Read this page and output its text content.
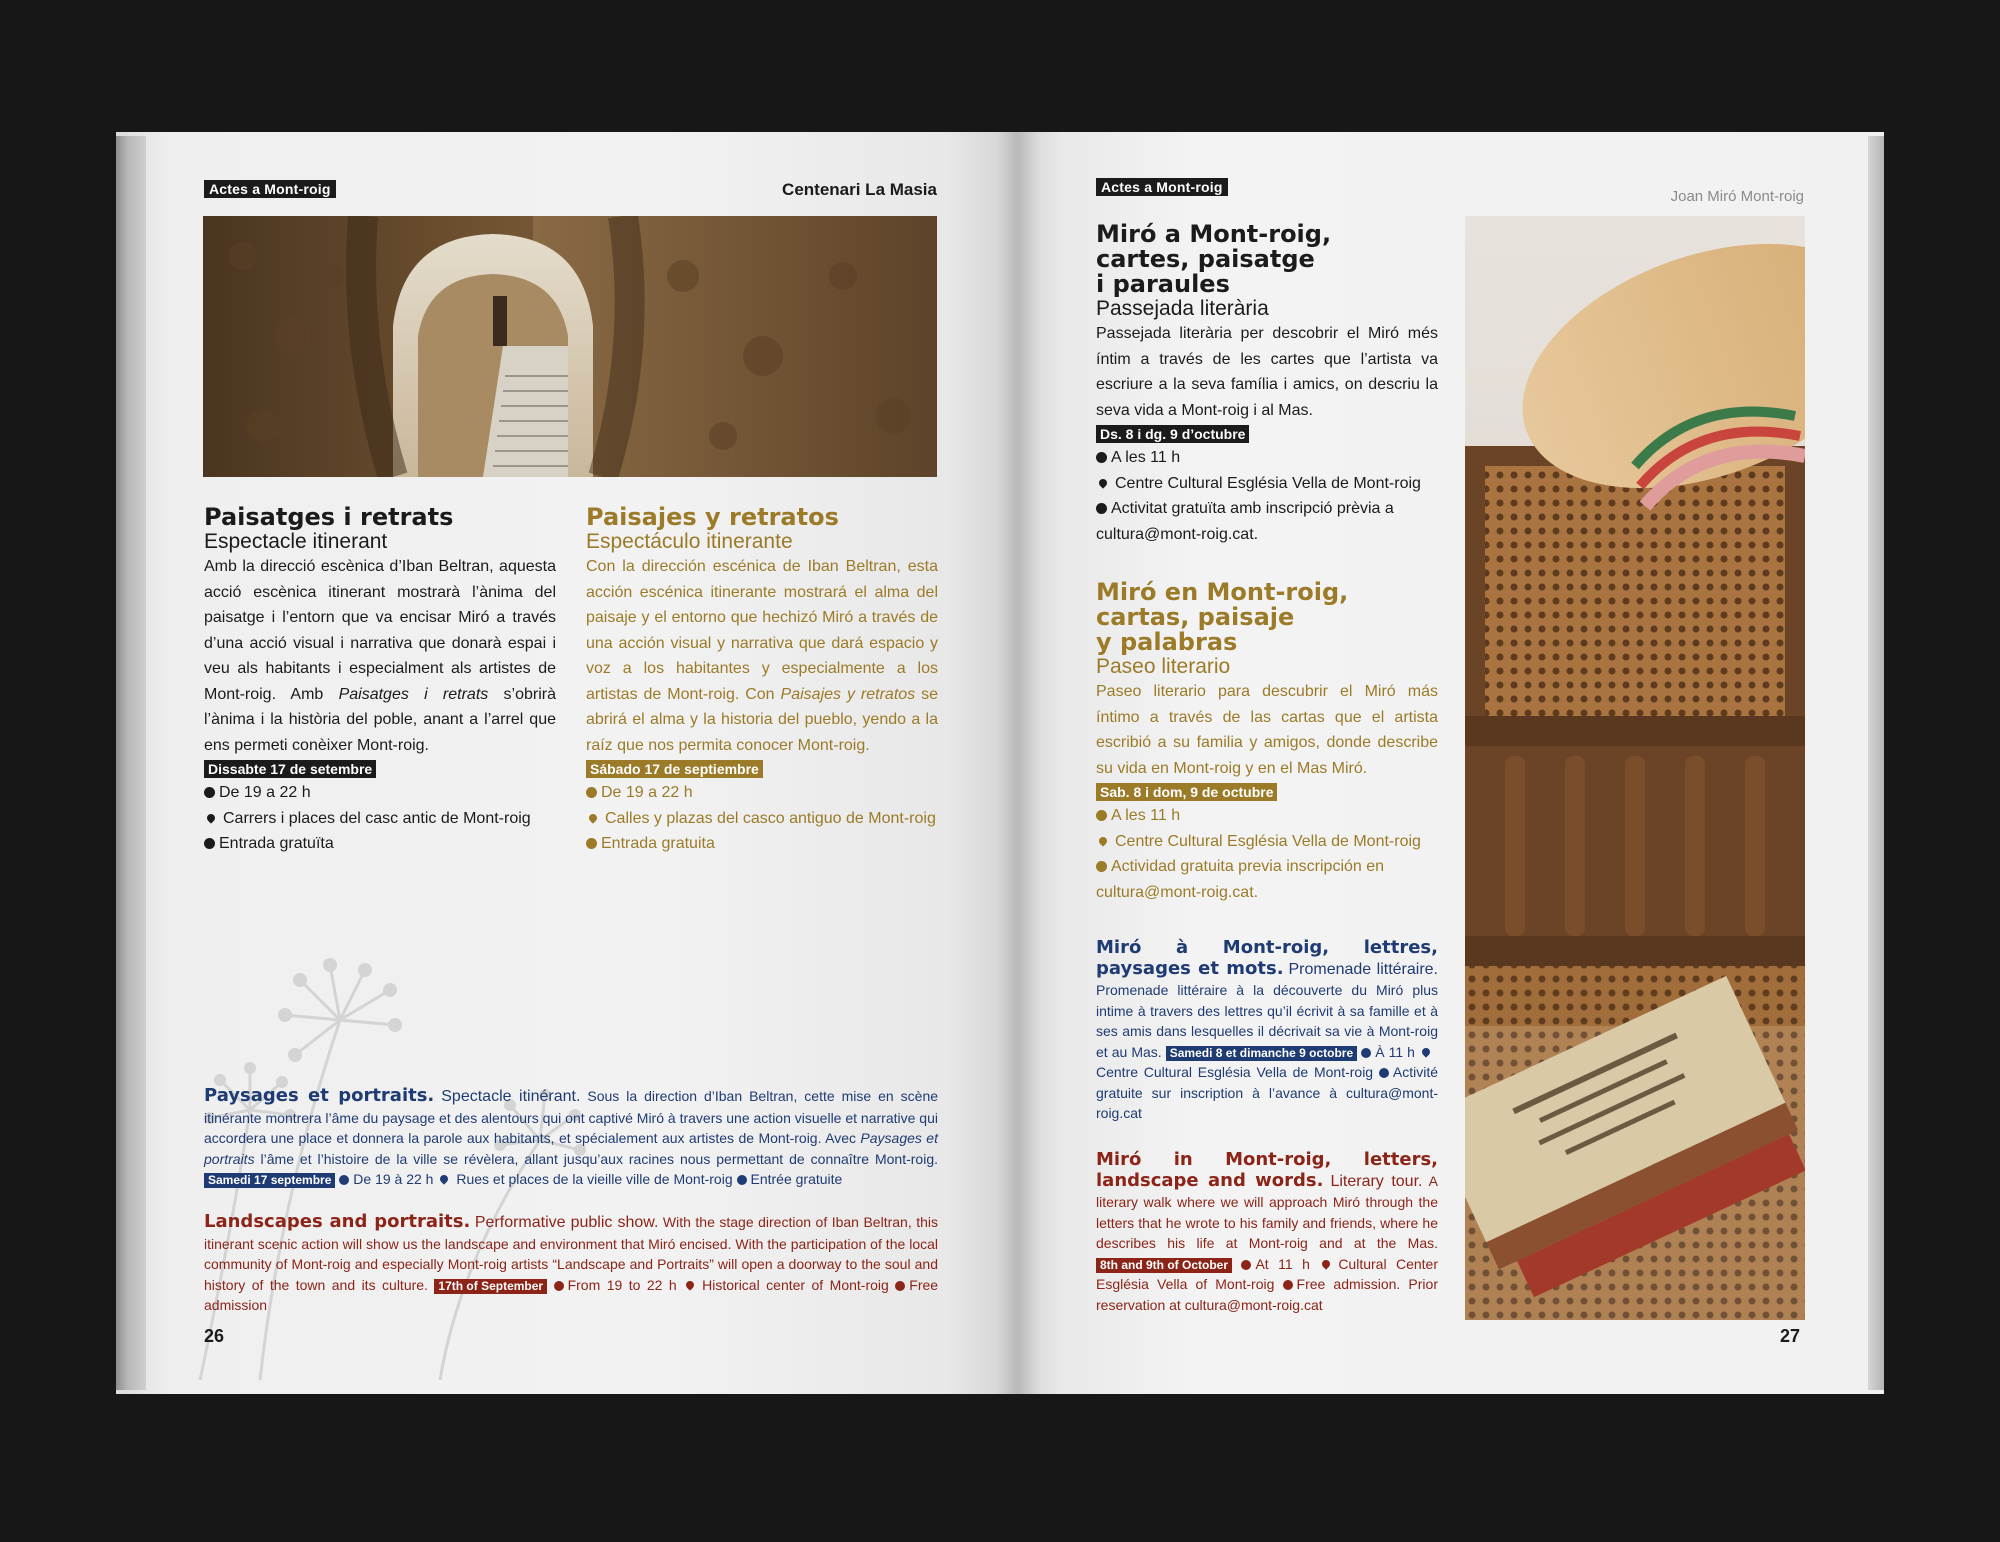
Actes a Mont-roig	Centenari La Masia
Paisatges i retrats
Espectacle itinerant

Amb la direcció escènica d’Iban Beltran, aquesta acció escènica itinerant mostrarà l’ànima del paisatge i l’entorn que va encisar Miró a través d’una acció visual i narrativa que donarà espai i veu als habitants i especialment als artistes de Mont-roig. Amb Paisatges i retrats s’obrirà l’ànima i la història del poble, anant a l’arrel que ens permeti conèixer Mont-roig.

Dissabte 17 de setembre
De 19 a 22 h
Carrers i places del casc antic de Mont-roig
Entrada gratuïta
Paisajes y retratos
Espectáculo itinerante

Con la dirección escénica de Iban Beltran, esta acción escénica itinerante mostrará el alma del paisaje y el entorno que hechizó Miró a través de una acción visual y narrativa que dará espacio y voz a los habitantes y especialmente a los artistas de Mont-roig. Con Paisajes y retratos se abrirá el alma y la historia del pueblo, yendo a la raíz que nos permita conocer Mont-roig.

Sábado 17 de septiembre
De 19 a 22 h
Calles y plazas del casco antiguo de Mont-roig
Entrada gratuita
Paysages et portraits. Spectacle itinérant. Sous la direction d’Iban Beltran, cette mise en scène itinérante montrera l’âme du paysage et des alentours qui ont captivé Miró à travers une action visuelle et narrative qui accordera une place et donnera la parole aux habitants, et spécialement aux artistes de Mont-roig. Avec Paysages et portraits l’âme et l’histoire de la ville se révèlera, allant jusqu’aux racines nous permettant de connaître Mont-roig. Samedi 17 septembre De 19 à 22 h Rues et places de la vieille ville de Mont-roig Entrée gratuite
Landscapes and portraits. Performative public show. With the stage direction of Iban Beltran, this itinerant scenic action will show us the landscape and environment that Miró encised. With the participation of the local community of Mont-roig and especially Mont-roig artists “Landscape and Portraits” will open a doorway to the soul and history of the town and its culture. 17th of September From 19 to 22 h Historical center of Mont-roig Free admission
26
Actes a Mont-roig
Joan Miró Mont-roig
Miró a Mont-roig,
cartes, paisatge
i paraules
Passejada literària

Passejada literària per descobrir el Miró més íntim a través de les cartes que l’artista va escriure a la seva família i amics, on descriu la seva vida a Mont-roig i al Mas.

Ds. 8 i dg. 9 d’octubre
A les 11 h
Centre Cultural Església Vella de Mont-roig
Activitat gratuïta amb inscripció prèvia a cultura@mont-roig.cat.
Miró en Mont-roig,
cartas, paisaje
y palabras
Paseo literario

Paseo literario para descubrir el Miró más íntimo a través de las cartas que el artista escribió a su familia y amigos, donde describe su vida en Mont-roig y en el Mas Miró.

Sab. 8 i dom, 9 de octubre
A les 11 h
Centre Cultural Església Vella de Mont-roig
Actividad gratuita previa inscripción en cultura@mont-roig.cat.
Miró à Mont-roig, lettres, paysages et mots. Promenade littéraire. Promenade littéraire à la découverte du Miró plus intime à travers des lettres qu’il écrivit à sa famille et à ses amis dans lesquelles il décrivait sa vie à Mont-roig et au Mas. Samedi 8 et dimanche 9 octobre À 11 h Centre Cultural Església Vella de Mont-roig Activité gratuite sur inscription à l’avance à cultura@mont-roig.cat
Miró in Mont-roig, letters, landscape and words. Literary tour. A literary walk where we will approach Miró through the letters that he wrote to his family and friends, where he describes his life at Mont-roig and at the Mas. 8th and 9th of October At 11 h Cultural Center Església Vella of Mont-roig Free admission. Prior reservation at cultura@mont-roig.cat
27
